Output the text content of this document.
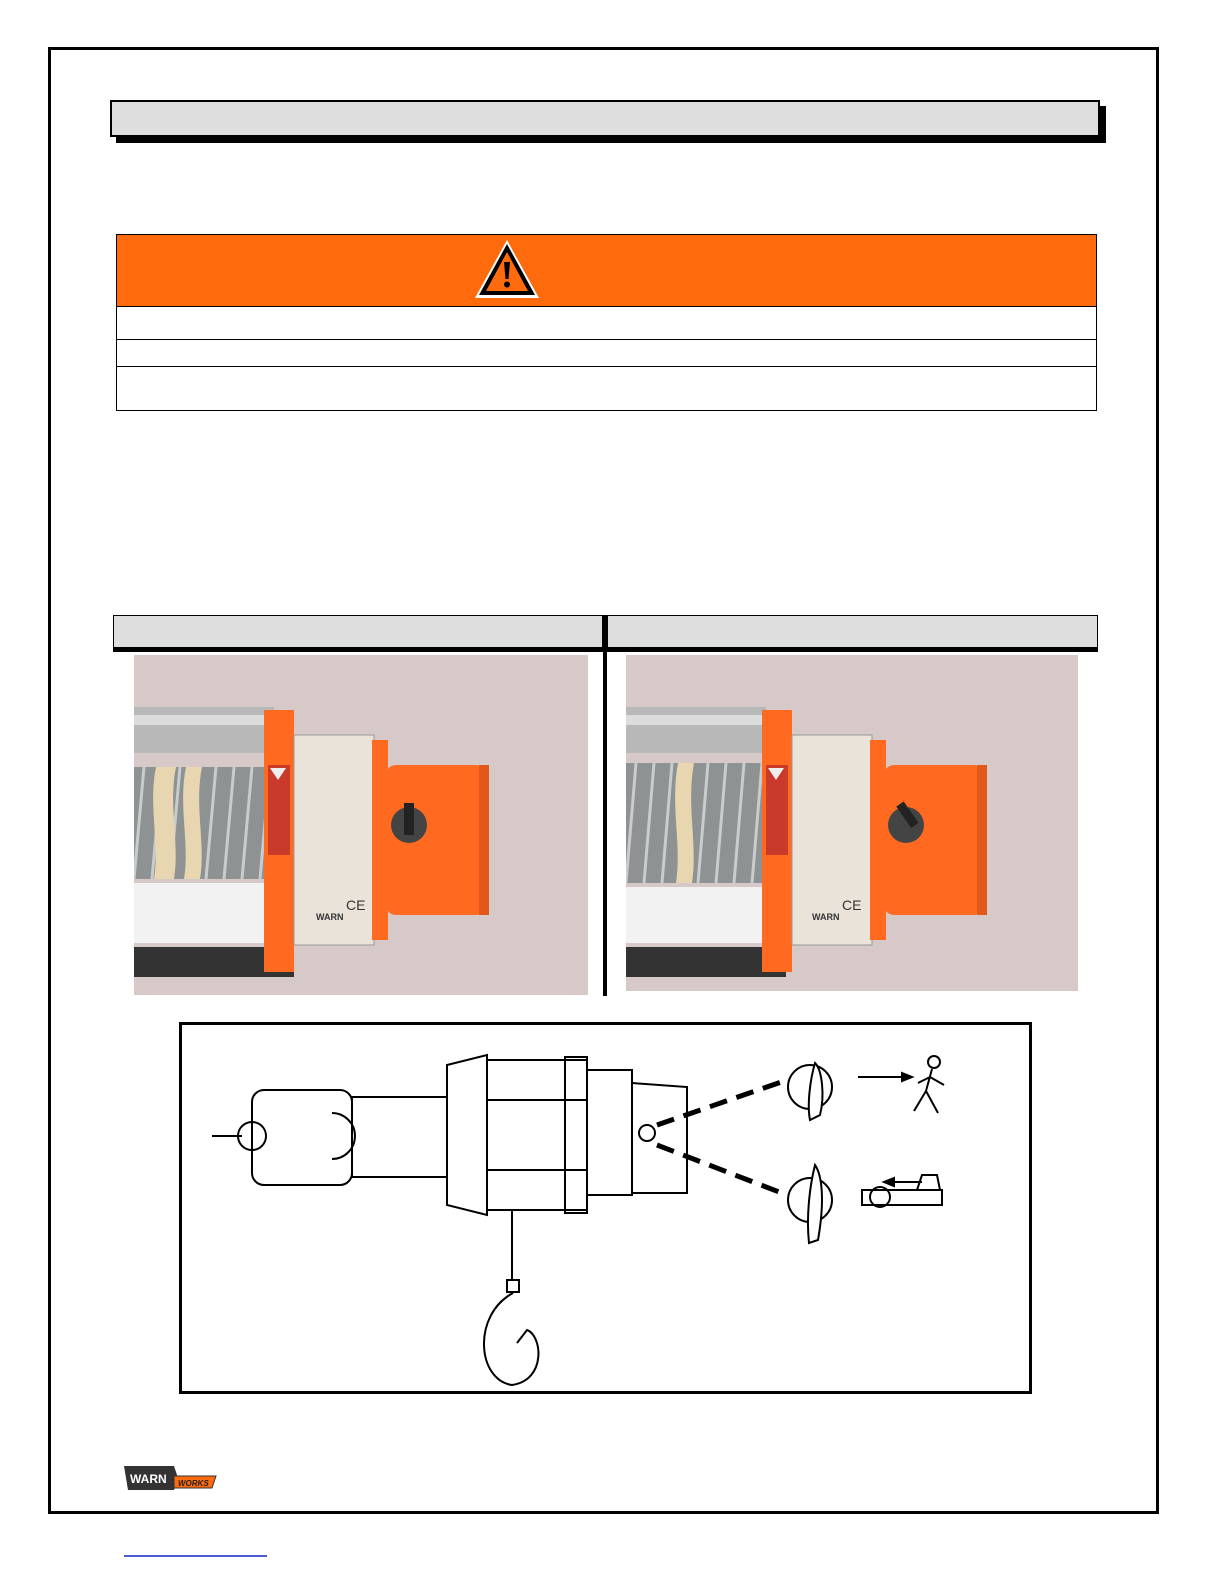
WARN
CE
WARN
CE
WARN WORKS
